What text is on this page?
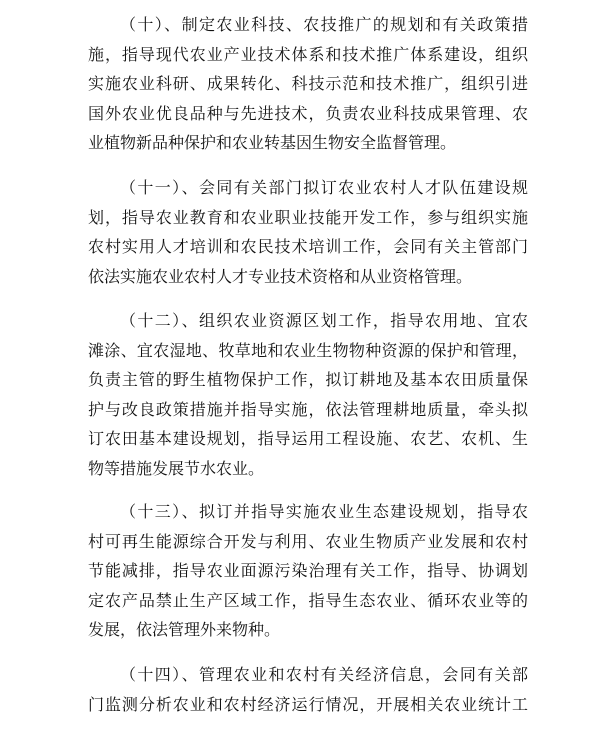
（十）、制定农业科技、农技推广的规划和有关政策措
施，指导现代农业产业技术体系和技术推广体系建设，组织
实施农业科研、成果转化、科技示范和技术推广，组织引进
国外农业优良品种与先进技术，负责农业科技成果管理、农
业植物新品种保护和农业转基因生物安全监督管理。
（十一）、会同有关部门拟订农业农村人才队伍建设规
划，指导农业教育和农业职业技能开发工作，参与组织实施
农村实用人才培训和农民技术培训工作，会同有关主管部门
依法实施农业农村人才专业技术资格和从业资格管理。
（十二）、组织农业资源区划工作，指导农用地、宜农
滩涂、宜农湿地、牧草地和农业生物物种资源的保护和管理，
负责主管的野生植物保护工作，拟订耕地及基本农田质量保
护与改良政策措施并指导实施，依法管理耕地质量，牵头拟
订农田基本建设规划，指导运用工程设施、农艺、农机、生
物等措施发展节水农业。
（十三）、拟订并指导实施农业生态建设规划，指导农
村可再生能源综合开发与利用、农业生物质产业发展和农村
节能减排，指导农业面源污染治理有关工作，指导、协调划
定农产品禁止生产区域工作，指导生态农业、循环农业等的
发展，依法管理外来物种。
（十四）、管理农业和农村有关经济信息，会同有关部
门监测分析农业和农村经济运行情况，开展相关农业统计工
